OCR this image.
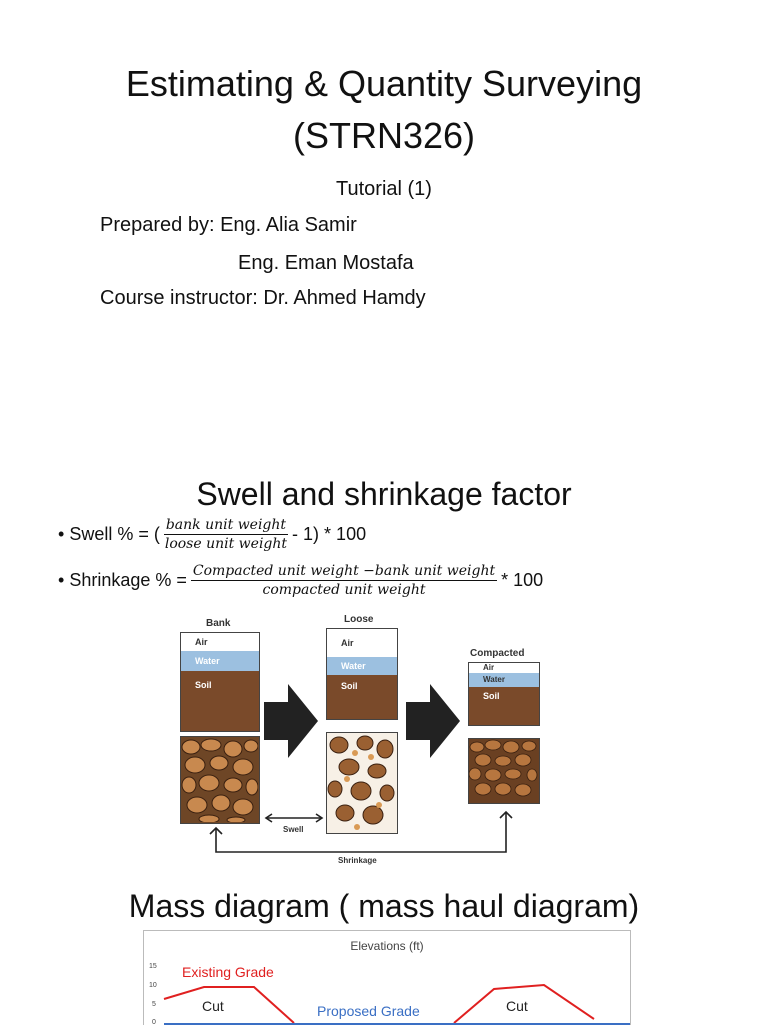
Estimating & Quantity Surveying
(STRN326)
Tutorial (1)
Prepared by: Eng. Alia Samir
Eng. Eman Mostafa
Course instructor: Dr. Ahmed Hamdy
Swell and shrinkage factor
• Swell % = ( $\frac{\text{bank unit weight}}{\text{loose unit weight}} - 1) * 100$
• Shrinkage % = $\frac{\text{Compacted unit weight −bank unit weight}}{\text{compacted unit weight}} * 100$
Bank
Air
Water
Soil
Loose
Air
Water
Soil
Compacted
Air
Water
Soil
Swell
Shrinkage
Mass diagram ( mass haul diagram)
Elevations (ft)
15
10
5
0
Existing Grade
Proposed Grade
Cut	Cut
